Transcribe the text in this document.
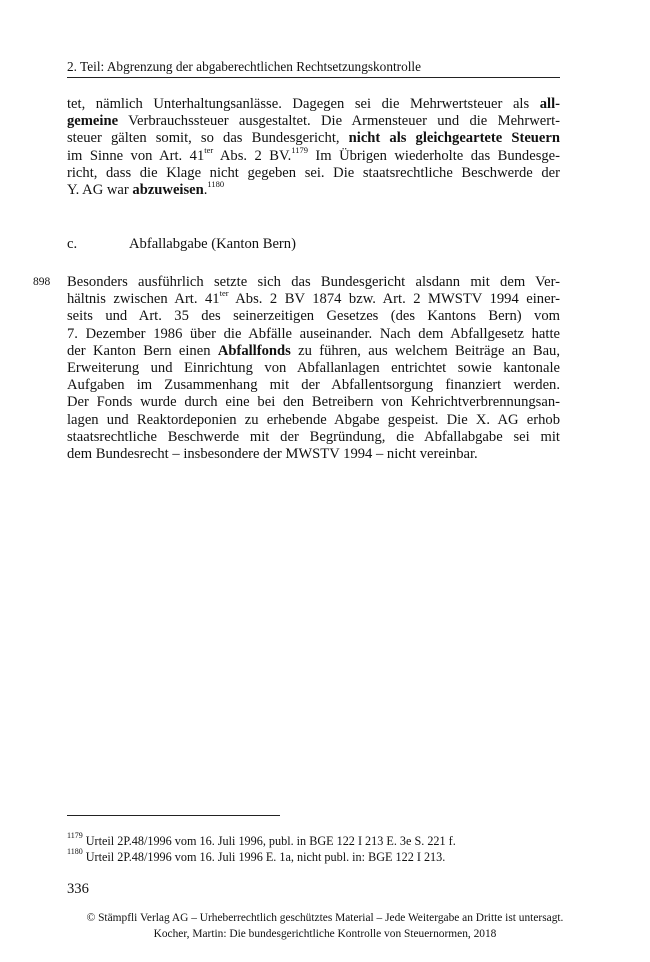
2. Teil: Abgrenzung der abgaberechtlichen Rechtsetzungskontrolle
tet, nämlich Unterhaltungsanlässe. Dagegen sei die Mehrwertsteuer als all-
gemeine Verbrauchssteuer ausgestaltet. Die Armensteuer und die Mehrwert-
steuer gälten somit, so das Bundesgericht, nicht als gleichgeartete Steuern
im Sinne von Art. $41^{ter}$ Abs. 2 BV.$^{1179}$ Im Übrigen wiederholte das Bundesge-
richt, dass die Klage nicht gegeben sei. Die staatsrechtliche Beschwerde der
Y. AG war abzuweisen.$^{1180}$
c.	Abfallabgabe (Kanton Bern)
898 Besonders ausführlich setzte sich das Bundesgericht alsdann mit dem Ver-
hältnis zwischen Art. $41^{ter}$ Abs. 2 BV 1874 bzw. Art. 2 MWSTV 1994 einer-
seits und Art. 35 des seinerzeitigen Gesetzes (des Kantons Bern) vom
7. Dezember 1986 über die Abfälle auseinander. Nach dem Abfallgesetz hatte
der Kanton Bern einen Abfallfonds zu führen, aus welchem Beiträge an Bau,
Erweiterung und Einrichtung von Abfallanlagen entrichtet sowie kantonale
Aufgaben im Zusammenhang mit der Abfallentsorgung finanziert werden.
Der Fonds wurde durch eine bei den Betreibern von Kehrichtverbrennungsan-
lagen und Reaktordeponien zu erhebende Abgabe gespeist. Die X. AG erhob
staatsrechtliche Beschwerde mit der Begründung, die Abfallabgabe sei mit
dem Bundesrecht – insbesondere der MWSTV 1994 – nicht vereinbar.
$^{1179}$ Urteil 2P.48/1996 vom 16. Juli 1996, publ. in BGE 122 I 213 E. 3e S. 221 f.
$^{1180}$ Urteil 2P.48/1996 vom 16. Juli 1996 E. 1a, nicht publ. in: BGE 122 I 213.
336
© Stämpfli Verlag AG – Urheberrechtlich geschütztes Material – Jede Weitergabe an Dritte ist untersagt.
Kocher, Martin: Die bundesgerichtliche Kontrolle von Steuernormen, 2018
